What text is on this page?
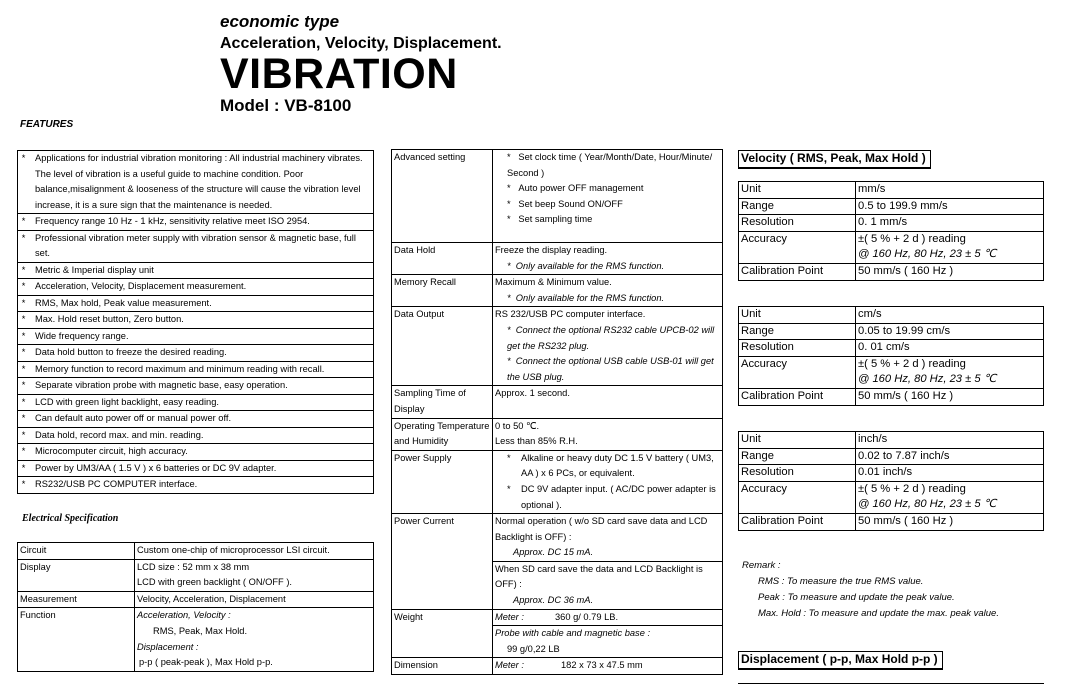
economic type
Acceleration, Velocity, Displacement.
VIBRATION
Model : VB-8100
FEATURES
*	Applications for industrial vibration monitoring : All industrial machinery vibrates. The level of vibration is a useful guide to machine condition. Poor balance,misalignment & looseness of the structure will cause the vibration level increase, it is a sure sign that the maintenance is needed.
*	Frequency range 10 Hz - 1 kHz, sensitivity relative meet ISO 2954.
*	Professional vibration meter supply with vibration sensor & magnetic base, full set.
*	Metric & Imperial display unit
*	Acceleration, Velocity, Displacement measurement.
*	RMS, Max hold, Peak value measurement.
*	Max. Hold reset button, Zero button.
*	Wide frequency range.
*	Data hold button to freeze the desired reading.
*	Memory function to record maximum and minimum reading with recall.
*	Separate vibration probe with magnetic base, easy operation.
*	LCD with green light backlight, easy reading.
*	Can default auto power off or manual power off.
*	Data hold, record max. and min. reading.
*	Microcomputer circuit, high accuracy.
*	Power by UM3/AA ( 1.5 V ) x 6 batteries or DC 9V adapter.
*	RS232/USB PC COMPUTER interface.
Electrical Specification
Circuit	Custom one-chip of microprocessor LSI circuit.
Display	LCD size : 52 mm x 38 mm
LCD with green backlight ( ON/OFF ).

Measurement	Velocity, Acceleration, Displacement
Function	Acceleration, Velocity :
RMS, Peak, Max Hold.
Displacement :
p-p ( peak-peak ), Max Hold p-p.
Advanced setting	* Set clock time ( Year/Month/Date, Hour/Minute/ Second )
* Auto power OFF management
* Set beep Sound ON/OFF
* Set sampling time

Data Hold	Freeze the display reading.
*  Only available for the RMS function.

Memory Recall	Maximum & Minimum value.
*  Only available for the RMS function.

Data Output	RS 232/USB PC computer interface.
*  Connect the optional RS232 cable UPCB-02 will get the RS232 plug.
*  Connect the optional USB cable USB-01 will get the USB plug.

Sampling Time of Display	Approx. 1 second.
Operating Temperature and Humidity	0 to 50 ℃.
Less than 85% R.H.

Power Supply	* Alkaline or heavy duty DC 1.5 V battery ( UM3, AA ) x 6 PCs, or equivalent.
* DC 9V adapter input. ( AC/DC power adapter is optional ).

Power Current	Normal operation ( w/o SD card save data and LCD Backlight is OFF) :
Approx. DC 15 mA.
When SD card save the data and LCD Backlight is OFF) :
Approx. DC 36 mA.

Weight	Meter : 360 g/ 0.79 LB.
Probe with cable and magnetic base :
99 g/0,22 LB

Dimension	Meter : 182 x 73 x 47.5 mm
Velocity ( RMS, Peak, Max Hold )
Unit	mm/s
Range	0.5 to 199.9 mm/s
Resolution	0. 1 mm/s
Accuracy	±( 5 % + 2 d ) reading
@ 160 Hz, 80 Hz, 23 ± 5 ℃

Calibration Point	50 mm/s ( 160 Hz )
Unit	cm/s
Range	0.05 to 19.99 cm/s
Resolution	0. 01 cm/s
Accuracy	±( 5 % + 2 d ) reading
@ 160 Hz, 80 Hz, 23 ± 5 ℃

Calibration Point	50 mm/s ( 160 Hz )
Unit	inch/s
Range	0.02 to 7.87 inch/s
Resolution	0.01 inch/s
Accuracy	±( 5 % + 2 d ) reading
@ 160 Hz, 80 Hz, 23 ± 5 ℃

Calibration Point	50 mm/s ( 160 Hz )
Remark :
RMS : To measure the true RMS value.
Peak : To measure and update the peak value.
Max. Hold : To measure and update the max. peak value.
Displacement ( p-p, Max Hold p-p )
